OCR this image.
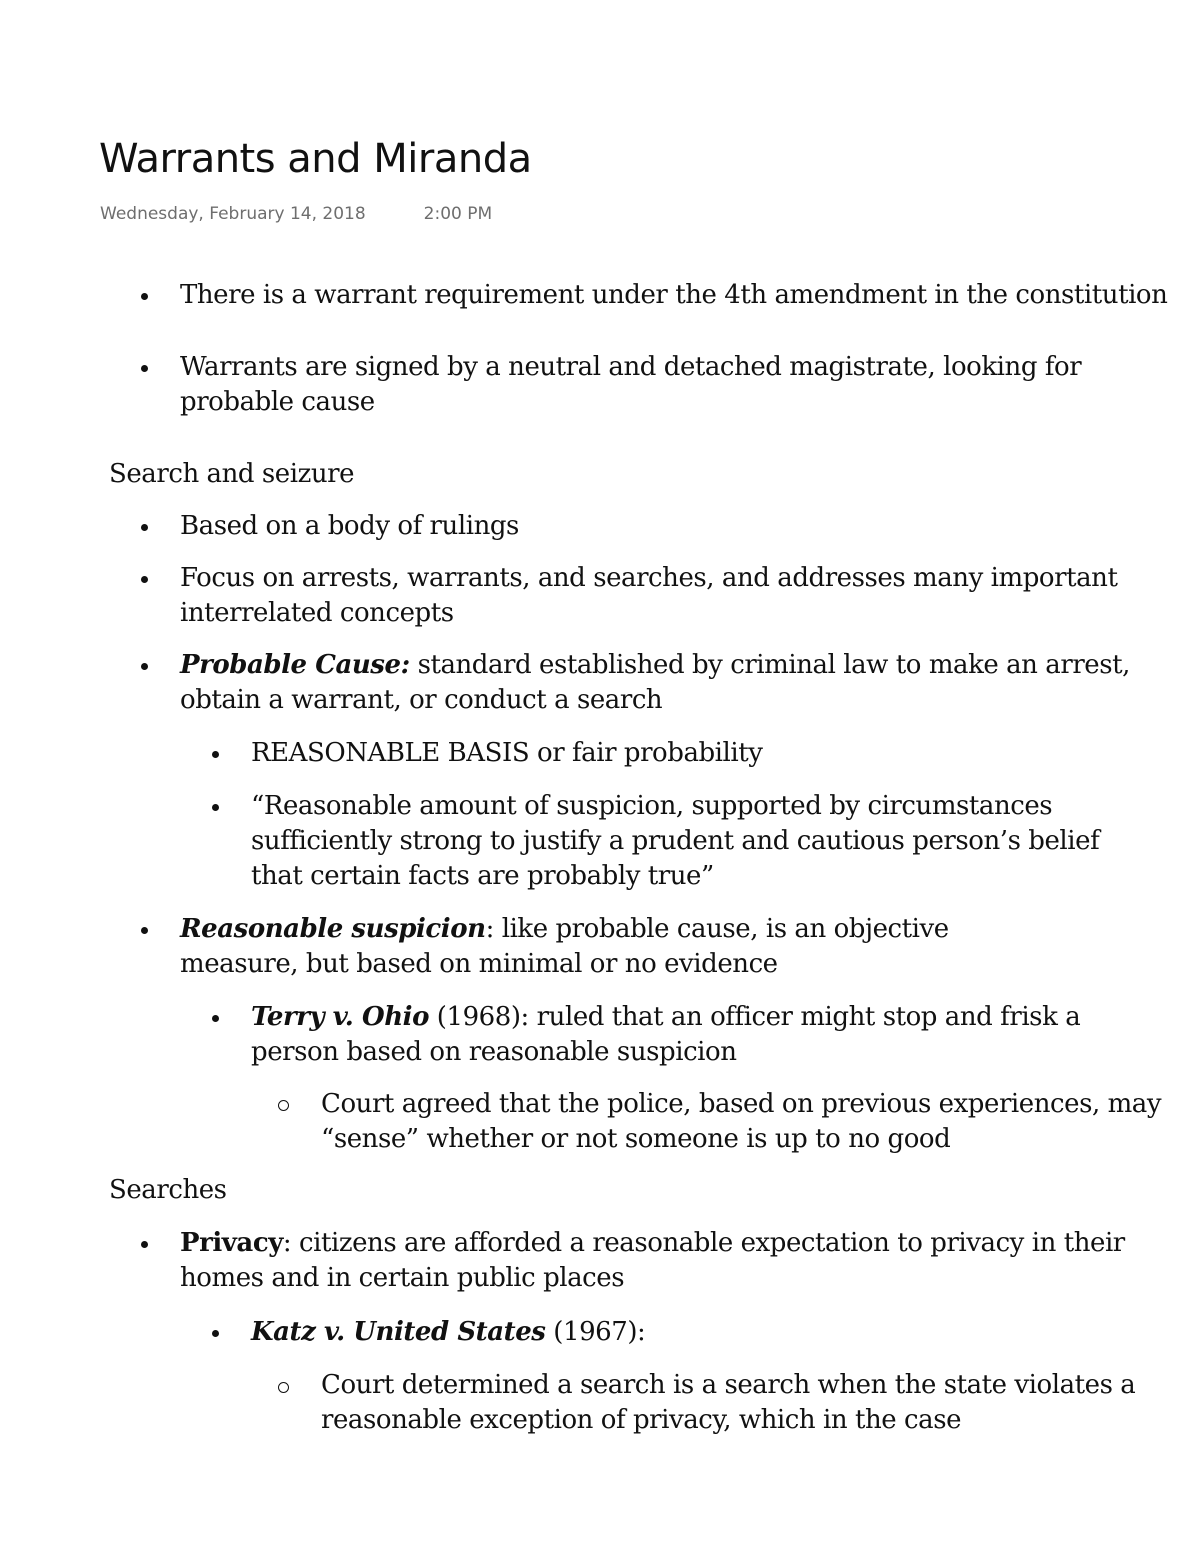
Warrants and Miranda
Wednesday, February 14, 2018	2:00 PM
There is a warrant requirement under the 4th amendment in the constitution
Warrants are signed by a neutral and detached magistrate, looking for probable cause
Search and seizure
Based on a body of rulings
Focus on arrests, warrants, and searches, and addresses many important interrelated concepts
Probable Cause: standard established by criminal law to make an arrest, obtain a warrant, or conduct a search
REASONABLE BASIS or fair probability
“Reasonable amount of suspicion, supported by circumstances sufficiently strong to justify a prudent and cautious person’s belief that certain facts are probably true”
Reasonable suspicion: like probable cause, is an objective measure, but based on minimal or no evidence
Terry v. Ohio (1968): ruled that an officer might stop and frisk a person based on reasonable suspicion
Court agreed that the police, based on previous experiences, may “sense” whether or not someone is up to no good
Searches
Privacy: citizens are afforded a reasonable expectation to privacy in their homes and in certain public places
Katz v. United States (1967):
Court determined a search is a search when the state violates a reasonable exception of privacy, which in the case
